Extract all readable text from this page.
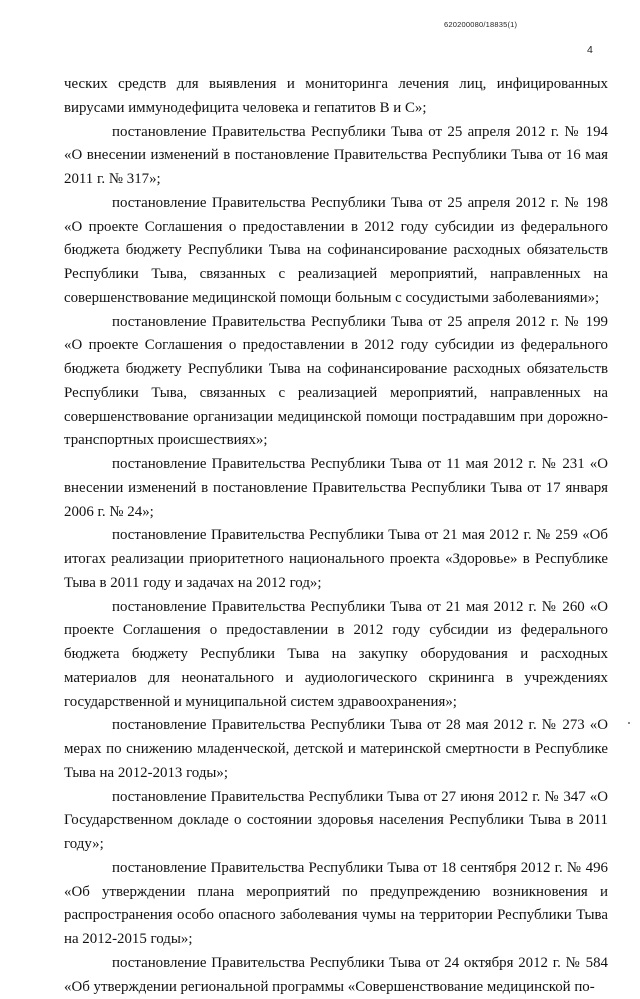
620200080/18835(1)
4

ческих средств для выявления и мониторинга лечения лиц, инфицированных вирусами иммунодефицита человека и гепатитов В и С»;

постановление Правительства Республики Тыва от 25 апреля 2012 г. № 194 «О внесении изменений в постановление Правительства Республики Тыва от 16 мая 2011 г. № 317»;

постановление Правительства Республики Тыва от 25 апреля 2012 г. № 198 «О проекте Соглашения о предоставлении в 2012 году субсидии из федерального бюджета бюджету Республики Тыва на софинансирование расходных обязательств Республики Тыва, связанных с реализацией мероприятий, направленных на совершенствование медицинской помощи больным с сосудистыми заболеваниями»;

постановление Правительства Республики Тыва от 25 апреля 2012 г. № 199 «О проекте Соглашения о предоставлении в 2012 году субсидии из федерального бюджета бюджету Республики Тыва на софинансирование расходных обязательств Республики Тыва, связанных с реализацией мероприятий, направленных на совершенствование организации медицинской помощи пострадавшим при дорожно-транспортных происшествиях»;

постановление Правительства Республики Тыва от 11 мая 2012 г. № 231 «О внесении изменений в постановление Правительства Республики Тыва от 17 января 2006 г. № 24»;

постановление Правительства Республики Тыва от 21 мая 2012 г. № 259 «Об итогах реализации приоритетного национального проекта «Здоровье» в Республике Тыва в 2011 году и задачах на 2012 год»;

постановление Правительства Республики Тыва от 21 мая 2012 г. № 260 «О проекте Соглашения о предоставлении в 2012 году субсидии из федерального бюджета бюджету Республики Тыва на закупку оборудования и расходных материалов для неонатального и аудиологического скрининга в учреждениях государственной и муниципальной систем здравоохранения»;

постановление Правительства Республики Тыва от 28 мая 2012 г. № 273 «О мерах по снижению младенческой, детской и материнской смертности в Республике Тыва на 2012-2013 годы»;

постановление Правительства Республики Тыва от 27 июня 2012 г. № 347 «О Государственном докладе о состоянии здоровья населения Республики Тыва в 2011 году»;

постановление Правительства Республики Тыва от 18 сентября 2012 г. № 496 «Об утверждении плана мероприятий по предупреждению возникновения и распространения особо опасного заболевания чумы на территории Республики Тыва на 2012-2015 годы»;

постановление Правительства Республики Тыва от 24 октября 2012 г. № 584 «Об утверждении региональной программы «Совершенствование медицинской по-
